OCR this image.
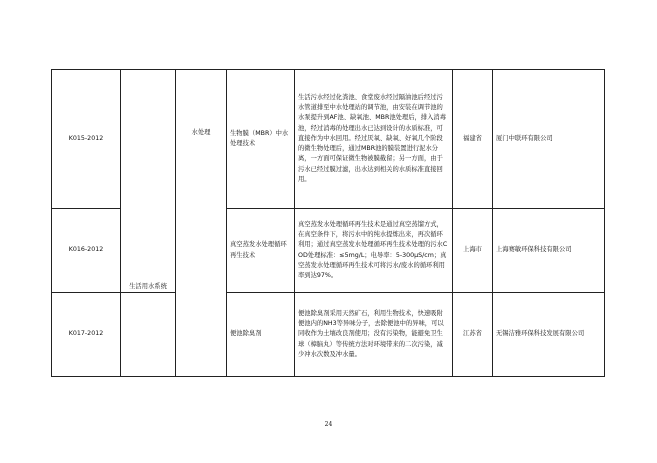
K015-2012	生活用水系统	水处理	生物膜（MBR）中水处理技术	生活污水经过化粪池、食堂废水经过隔油池后经过污水管道排至中水处理站的调节池，由安装在调节池的水泵提升到AF池、缺氧池、MBR池处理后，排入消毒池，经过消毒的处理出水已达到设计的水质标准，可直接作为中水回用。经过厌氧、缺氧、好氧几个阶段的微生物处理后，通过MBR池的膜装置进行泥水分离，一方面可保证微生物被膜截留；另一方面，由于污水已经过膜过滤，出水达到相关的水质标准直接回用。	福建省	厦门中联环有限公司
K016-2012			真空蒸发水处理循环再生技术	真空蒸发水处理循环再生技术是通过真空蒸馏方式，在真空条件下，将污水中的纯水提炼出来，再次循环利用；通过真空蒸发水处理循环再生技术处理的污水COD处理标准：≤5mg/L；电导率：5-300μS/cm；真空蒸发水处理循环再生技术可将污水/废水的循环利用率到达97%。	上海市	上海赛敏环保科技有限公司
K017-2012			便池除臭剂	便池除臭剂采用天然矿石，利用生物技术，快速吸附便池内的NH3等异味分子，去除便池中的异味，可以同收作为土壤改良剂使用；没有污染物，能避免卫生球（樟脑丸）等传统方法对环境带来的二次污染，减少冲水次数及冲水量。	江苏省	无锡洁雅环保科技发展有限公司
24
